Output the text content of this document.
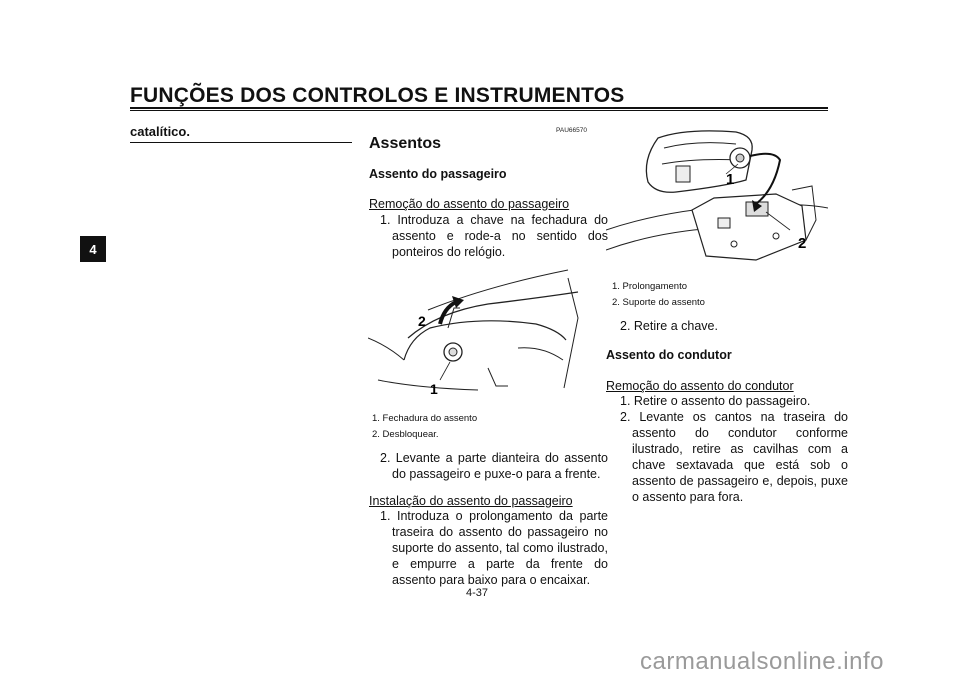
FUNÇÕES DOS CONTROLOS E INSTRUMENTOS
4
catalítico.	PAU66570
Assentos
Assento do passageiro
Remoção do assento do passageiro
1. Introduza a chave na fechadura do assento e rode-a no sentido dos ponteiros do relógio.
2
1
1. Fechadura do assento
2. Desbloquear.
2. Levante a parte dianteira do assento do passageiro e puxe-o para a frente.
Instalação do assento do passageiro
1. Introduza o prolongamento da parte traseira do assento do passageiro no suporte do assento, tal como ilustrado, e empurre a parte da frente do assento para baixo para o encaixar.
1
2
1. Prolongamento
2. Suporte do assento
2. Retire a chave.
Assento do condutor
Remoção do assento do condutor
1. Retire o assento do passageiro.
2. Levante os cantos na traseira do assento do condutor conforme ilustrado, retire as cavilhas com a chave sextavada que está sob o assento de passageiro e, depois, puxe o assento para fora.
4-37
carmanualsonline.info
